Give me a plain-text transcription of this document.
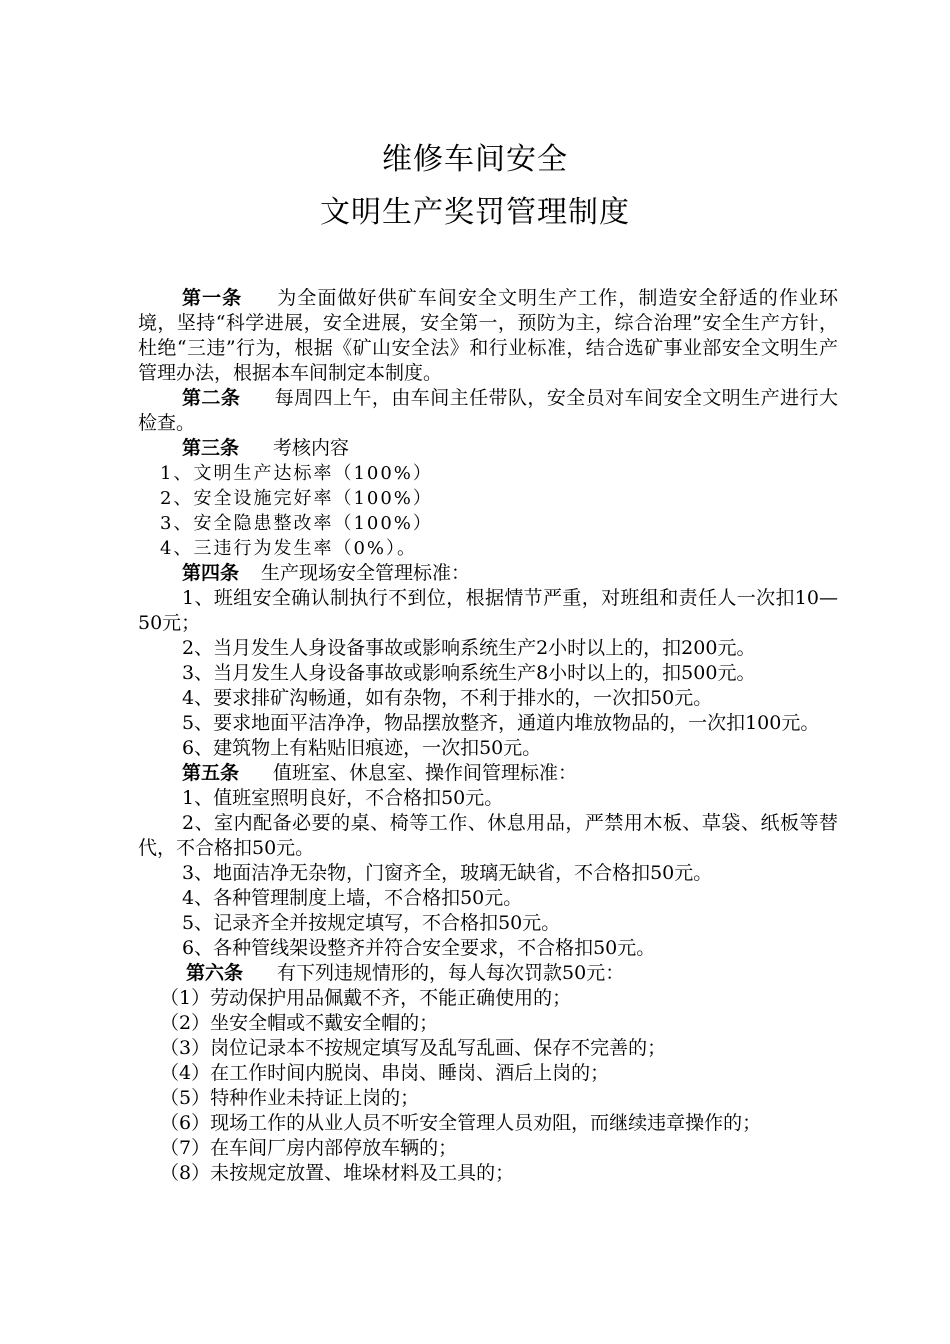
维修车间安全
文明生产奖罚管理制度

第一条 为全面做好供矿车间安全文明生产工作，制造安全舒适的作业环境，坚持“科学进展，安全进展，安全第一，预防为主，综合治理”安全生产方针，杜绝“三违”行为，根据《矿山安全法》和行业标准，结合选矿事业部安全文明生产管理办法，根据本车间制定本制度。

第二条 每周四上午，由车间主任带队，安全员对车间安全文明生产进行大检查。

第三条 考核内容

1、文明生产达标率（100%）

2、安全设施完好率（100%）

3、安全隐患整改率（100%）

4、三违行为发生率（0%）。

第四条 生产现场安全管理标准：

1、班组安全确认制执行不到位，根据情节严重，对班组和责任人一次扣10—50元；

2、当月发生人身设备事故或影响系统生产2小时以上的，扣200元。

3、当月发生人身设备事故或影响系统生产8小时以上的，扣500元。

4、要求排矿沟畅通，如有杂物，不利于排水的，一次扣50元。

5、要求地面平洁净净，物品摆放整齐，通道内堆放物品的，一次扣100元。

6、建筑物上有粘贴旧痕迹，一次扣50元。

第五条 值班室、休息室、操作间管理标准：

1、值班室照明良好，不合格扣50元。

2、室内配备必要的桌、椅等工作、休息用品，严禁用木板、草袋、纸板等替代，不合格扣50元。

3、地面洁净无杂物，门窗齐全，玻璃无缺省，不合格扣50元。

4、各种管理制度上墙，不合格扣50元。

5、记录齐全并按规定填写，不合格扣50元。

6、各种管线架设整齐并符合安全要求，不合格扣50元。

第六条 有下列违规情形的，每人每次罚款50元：

（1）劳动保护用品佩戴不齐，不能正确使用的；

（2）坐安全帽或不戴安全帽的；

（3）岗位记录本不按规定填写及乱写乱画、保存不完善的；

（4）在工作时间内脱岗、串岗、睡岗、酒后上岗的；

（5）特种作业未持证上岗的；

（6）现场工作的从业人员不听安全管理人员劝阻，而继续违章操作的；

（7）在车间厂房内部停放车辆的；

（8）未按规定放置、堆垛材料及工具的；
